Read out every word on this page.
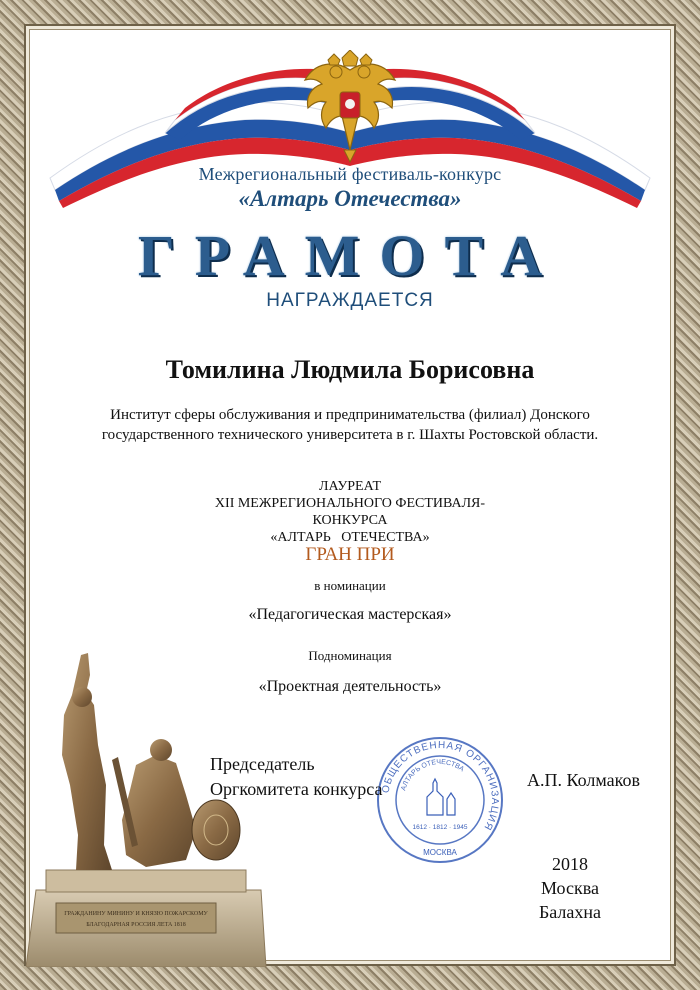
Межрегиональный фестиваль-конкурс
«Алтарь Отечества»
ГРАМОТА
НАГРАЖДАЕТСЯ
Томилина Людмила Борисовна
Институт сферы обслуживания и предпринимательства (филиал) Донского
государственного технического университета в г. Шахты Ростовской области.
ЛАУРЕАТ
XII МЕЖРЕГИОНАЛЬНОГО ФЕСТИВАЛЯ-КОНКУРСА
«АЛТАРЬ   ОТЕЧЕСТВА»
ГРАН ПРИ
в номинации
«Педагогическая мастерская»
Подноминация
«Проектная деятельность»
ОБЩЕСТВЕННАЯ ОРГАНИЗАЦИЯ
АЛТАРЬ ОТЕЧЕСТВА
1612 · 1812 · 1945
МОСКВА
Председатель
Оргкомитета конкурса	А.П. Колмаков
2018
Москва
Балахна
ГРАЖДАНИНУ МИНИНУ И КНЯЗЮ ПОЖАРСКОМУ
БЛАГОДАРНАЯ РОССИЯ ЛЕТА 1818
